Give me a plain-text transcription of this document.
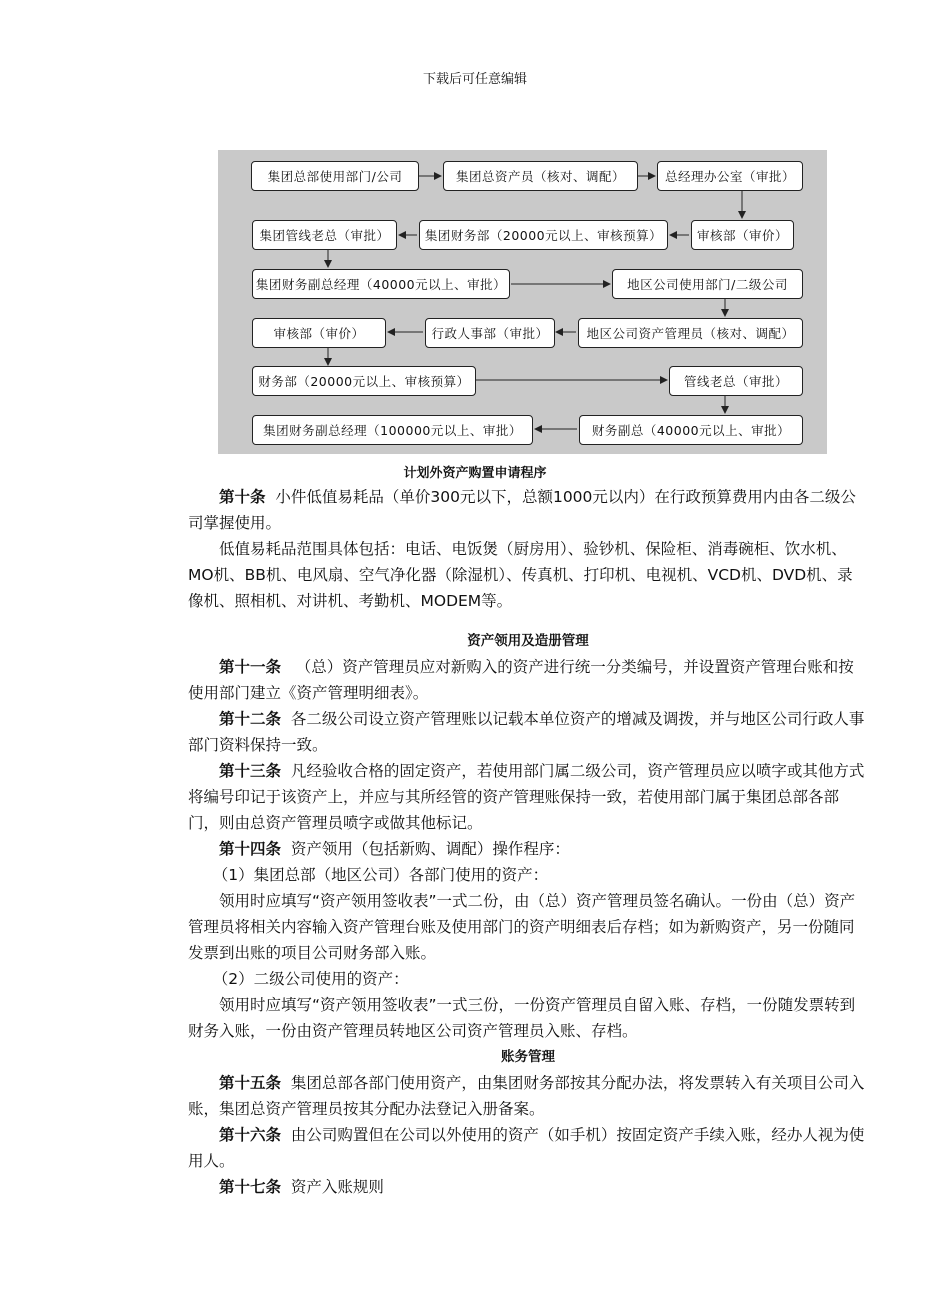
下载后可任意编辑
集团总部使用部门/公司	集团总资产员（核对、调配）	总经理办公室（审批）
审核部（审价）
集团财务部（20000元以上、审核预算）
集团管线老总（审批）
集团财务副总经理（40000元以上、审批）	地区公司使用部门/二级公司
地区公司资产管理员（核对、调配）
行政人事部（审批）
审核部（审价）
财务部（20000元以上、审核预算）	管线老总（审批）
财务副总（40000元以上、审批）
集团财务副总经理（100000元以上、审批）
计划外资产购置申请程序

第十条 小件低值易耗品（单价300元以下，总额1000元以内）在行政预算费用内由各二级公司掌握使用。

低值易耗品范围具体包括：电话、电饭煲（厨房用）、验钞机、保险柜、消毒碗柜、饮水机、MO机、BB机、电风扇、空气净化器（除湿机）、传真机、打印机、电视机、VCD机、DVD机、录像机、照相机、对讲机、考勤机、MODEM等。

资产领用及造册管理

第十一条 （总）资产管理员应对新购入的资产进行统一分类编号，并设置资产管理台账和按使用部门建立《资产管理明细表》。

第十二条 各二级公司设立资产管理账以记载本单位资产的增减及调拨，并与地区公司行政人事部门资料保持一致。

第十三条 凡经验收合格的固定资产，若使用部门属二级公司，资产管理员应以喷字或其他方式将编号印记于该资产上，并应与其所经管的资产管理账保持一致，若使用部门属于集团总部各部门，则由总资产管理员喷字或做其他标记。

第十四条 资产领用（包括新购、调配）操作程序：

（1）集团总部（地区公司）各部门使用的资产：

领用时应填写“资产领用签收表”一式二份，由（总）资产管理员签名确认。一份由（总）资产管理员将相关内容输入资产管理台账及使用部门的资产明细表后存档；如为新购资产，另一份随同发票到出账的项目公司财务部入账。

（2）二级公司使用的资产：

领用时应填写“资产领用签收表”一式三份，一份资产管理员自留入账、存档，一份随发票转到财务入账，一份由资产管理员转地区公司资产管理员入账、存档。

账务管理

第十五条 集团总部各部门使用资产，由集团财务部按其分配办法，将发票转入有关项目公司入账，集团总资产管理员按其分配办法登记入册备案。

第十六条 由公司购置但在公司以外使用的资产（如手机）按固定资产手续入账，经办人视为使用人。

第十七条 资产入账规则
